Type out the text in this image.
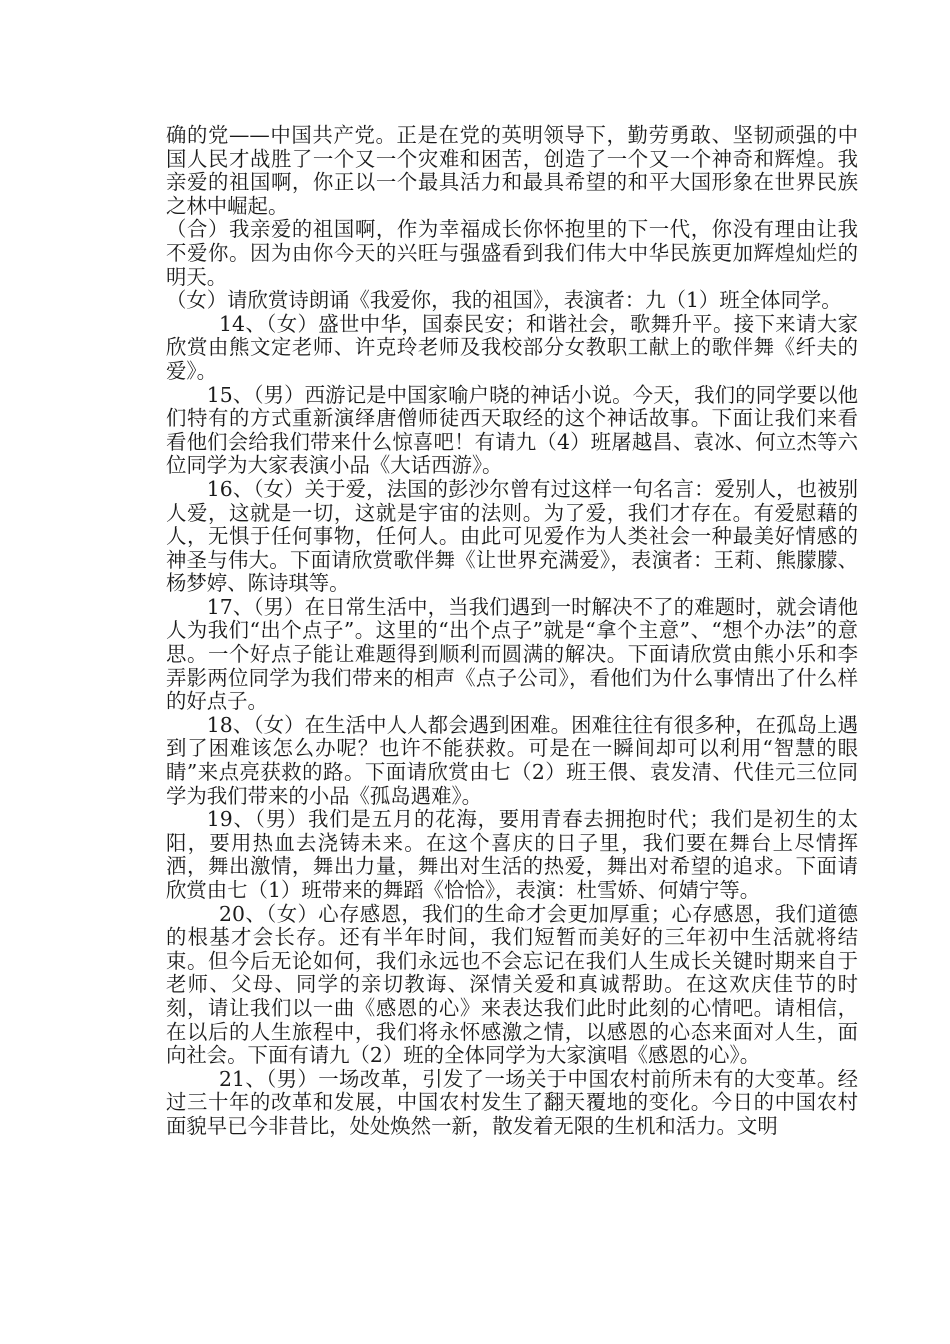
确的党——中国共产党。正是在党的英明领导下，勤劳勇敢、坚韧顽强的中国人民才战胜了一个又一个灾难和困苦，创造了一个又一个神奇和辉煌。我亲爱的祖国啊，你正以一个最具活力和最具希望的和平大国形象在世界民族之林中崛起。

（合）我亲爱的祖国啊，作为幸福成长你怀抱里的下一代，你没有理由让我不爱你。因为由你今天的兴旺与强盛看到我们伟大中华民族更加辉煌灿烂的明天。

（女）请欣赏诗朗诵《我爱你，我的祖国》，表演者：九（1）班全体同学。

14、（女）盛世中华，国泰民安；和谐社会，歌舞升平。接下来请大家欣赏由熊文定老师、许克玲老师及我校部分女教职工献上的歌伴舞《纤夫的爱》。

15、（男）西游记是中国家喻户晓的神话小说。今天，我们的同学要以他们特有的方式重新演绎唐僧师徒西天取经的这个神话故事。下面让我们来看看他们会给我们带来什么惊喜吧！有请九（4）班屠越昌、袁冰、何立杰等六位同学为大家表演小品《大话西游》。

16、（女）关于爱，法国的彭沙尔曾有过这样一句名言：爱别人，也被别人爱，这就是一切，这就是宇宙的法则。为了爱，我们才存在。有爱慰藉的人，无惧于任何事物，任何人。由此可见爱作为人类社会一种最美好情感的神圣与伟大。下面请欣赏歌伴舞《让世界充满爱》，表演者：王莉、熊朦朦、杨梦婷、陈诗琪等。

17、（男）在日常生活中，当我们遇到一时解决不了的难题时，就会请他人为我们“出个点子”。这里的“出个点子”就是“拿个主意”、“想个办法”的意思。一个好点子能让难题得到顺利而圆满的解决。下面请欣赏由熊小乐和李弄影两位同学为我们带来的相声《点子公司》，看他们为什么事情出了什么样的好点子。

18、（女）在生活中人人都会遇到困难。困难往往有很多种，在孤岛上遇到了困难该怎么办呢？也许不能获救。可是在一瞬间却可以利用“智慧的眼睛”来点亮获救的路。下面请欣赏由七（2）班王偎、袁发清、代佳元三位同学为我们带来的小品《孤岛遇难》。

19、（男）我们是五月的花海，要用青春去拥抱时代；我们是初生的太阳，要用热血去浇铸未来。在这个喜庆的日子里，我们要在舞台上尽情挥洒，舞出激情，舞出力量，舞出对生活的热爱，舞出对希望的追求。下面请欣赏由七（1）班带来的舞蹈《恰恰》，表演：杜雪娇、何婧宁等。

20、（女）心存感恩，我们的生命才会更加厚重；心存感恩，我们道德的根基才会长存。还有半年时间，我们短暂而美好的三年初中生活就将结束。但今后无论如何，我们永远也不会忘记在我们人生成长关键时期来自于老师、父母、同学的亲切教诲、深情关爱和真诚帮助。在这欢庆佳节的时刻，请让我们以一曲《感恩的心》来表达我们此时此刻的心情吧。请相信，在以后的人生旅程中，我们将永怀感激之情，以感恩的心态来面对人生，面向社会。下面有请九（2）班的全体同学为大家演唱《感恩的心》。

21、（男）一场改革，引发了一场关于中国农村前所未有的大变革。经过三十年的改革和发展，中国农村发生了翻天覆地的变化。今日的中国农村面貌早已今非昔比，处处焕然一新，散发着无限的生机和活力。文明
